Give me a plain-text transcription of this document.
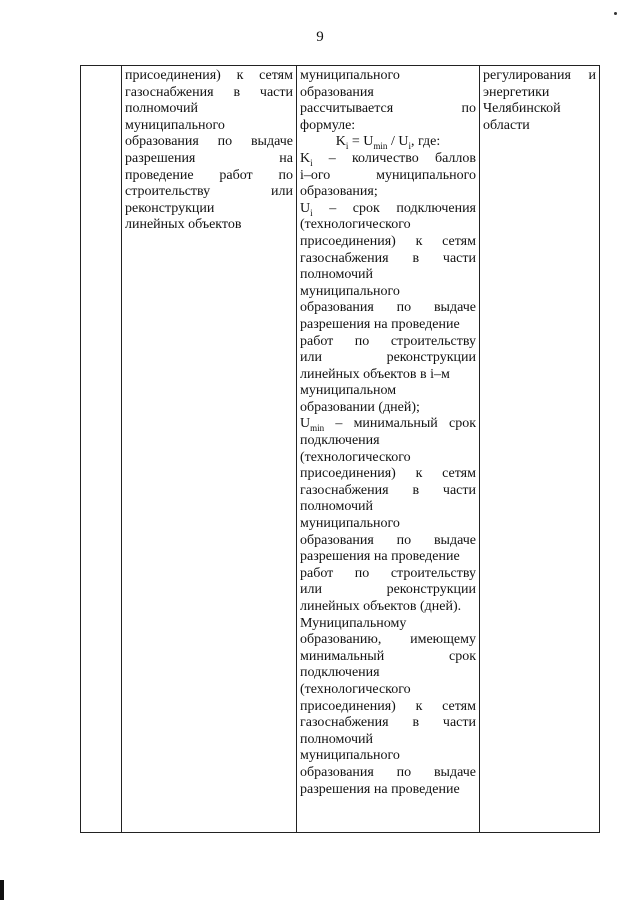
9

присоединения) к сетям
газоснабжения в части
полномочий
муниципального
образования по выдаче
разрешения на
проведение работ по
строительству или
реконструкции
линейных объектов

муниципального
образования
рассчитывается по
формуле:
$K_i = U_{min} / U_i$, где:
$K_i$ – количество баллов
i–ого муниципального
образования;
$U_i$ – срок подключения
(технологического
присоединения) к сетям
газоснабжения в части
полномочий
муниципального
образования по выдаче
разрешения на проведение
работ по строительству
или реконструкции
линейных объектов в i–м
муниципальном
образовании (дней);
$U_{min}$ – минимальный срок
подключения
(технологического
присоединения) к сетям
газоснабжения в части
полномочий
муниципального
образования по выдаче
разрешения на проведение
работ по строительству
или реконструкции
линейных объектов (дней).
Муниципальному
образованию, имеющему
минимальный срок
подключения
(технологического
присоединения) к сетям
газоснабжения в части
полномочий
муниципального
образования по выдаче
разрешения на проведение

регулирования и
энергетики
Челябинской
области
